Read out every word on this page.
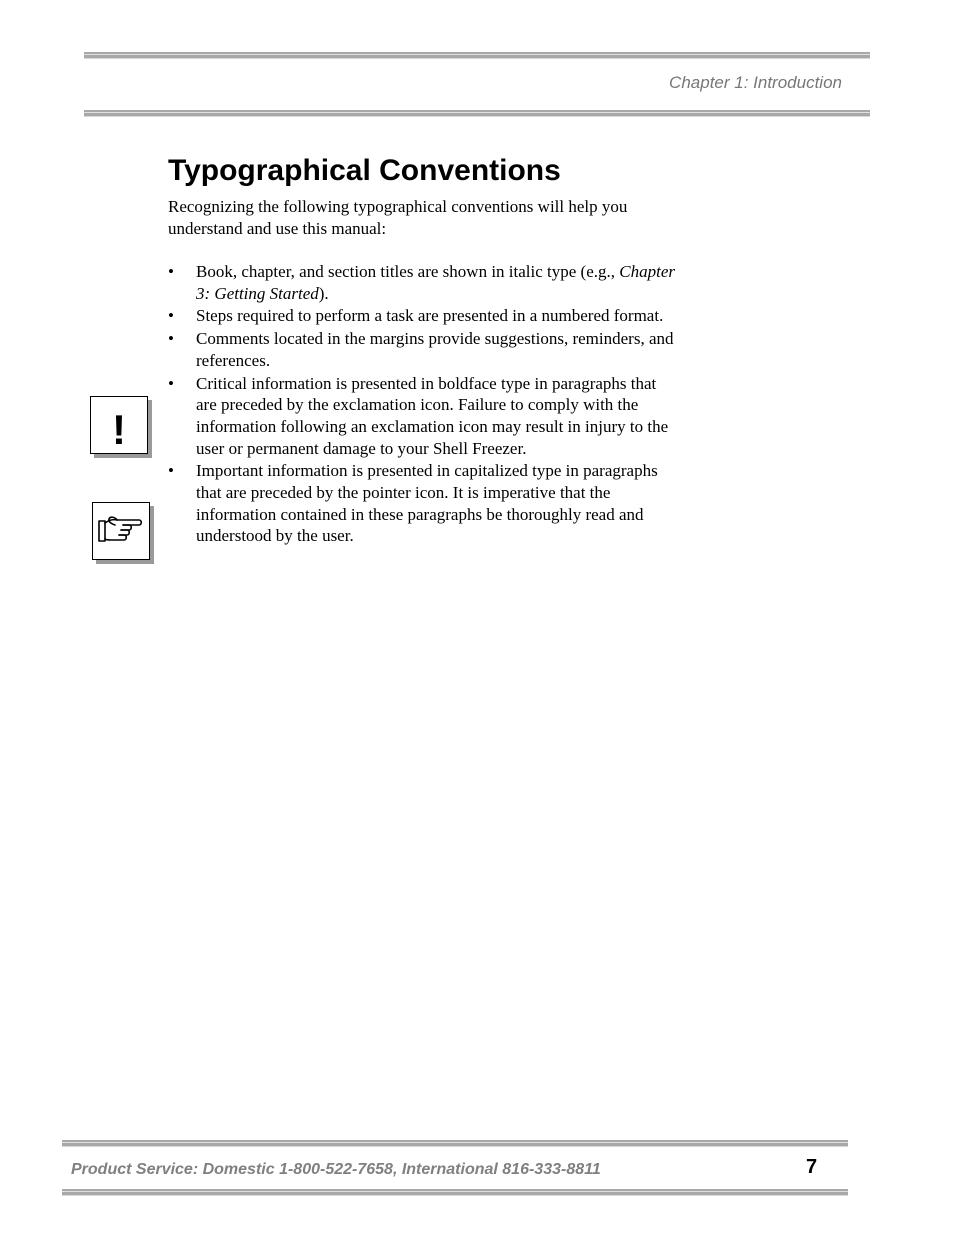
Chapter 1: Introduction
Typographical Conventions
Recognizing the following typographical conventions will help you understand and use this manual:
• Book, chapter, and section titles are shown in italic type (e.g., Chapter 3: Getting Started).
• Steps required to perform a task are presented in a numbered format.
• Comments located in the margins provide suggestions, reminders, and references.
• Critical information is presented in boldface type in paragraphs that are preceded by the exclamation icon. Failure to comply with the information following an exclamation icon may result in injury to the user or permanent damage to your Shell Freezer.
• Important information is presented in capitalized type in paragraphs that are preceded by the pointer icon. It is imperative that the information contained in these paragraphs be thoroughly read and understood by the user.
!
Product Service: Domestic 1-800-522-7658, International 816-333-8811	7
